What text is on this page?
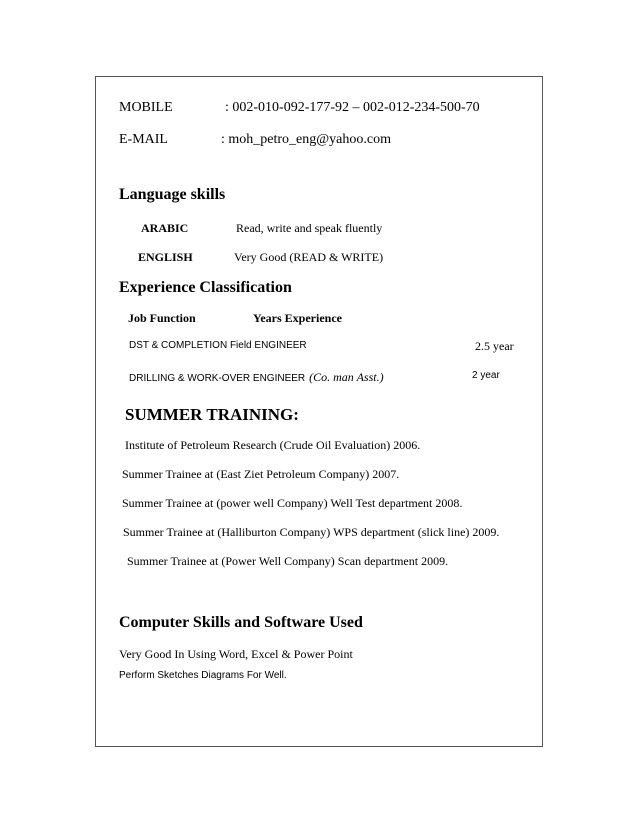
MOBILE	: 002-010-092-177-92 – 002-012-234-500-70
E-MAIL	: moh_petro_eng@yahoo.com
Language skills
ARABIC	Read, write and speak fluently
ENGLISH	Very Good (READ & WRITE)
Experience Classification
Job Function	Years Experience
DST & COMPLETION Field ENGINEER	2.5 year
DRILLING & WORK-OVER ENGINEER (Co. man Asst.)	2 year
SUMMER TRAINING:
Institute of Petroleum Research (Crude Oil Evaluation) 2006.
Summer Trainee at (East Ziet Petroleum Company) 2007.
Summer Trainee at (power well Company) Well Test department 2008.
Summer Trainee at (Halliburton Company) WPS department (slick line) 2009.
Summer Trainee at (Power Well Company) Scan department 2009.
Computer Skills and Software Used
Very Good In Using Word, Excel & Power Point
Perform Sketches Diagrams For Well.
